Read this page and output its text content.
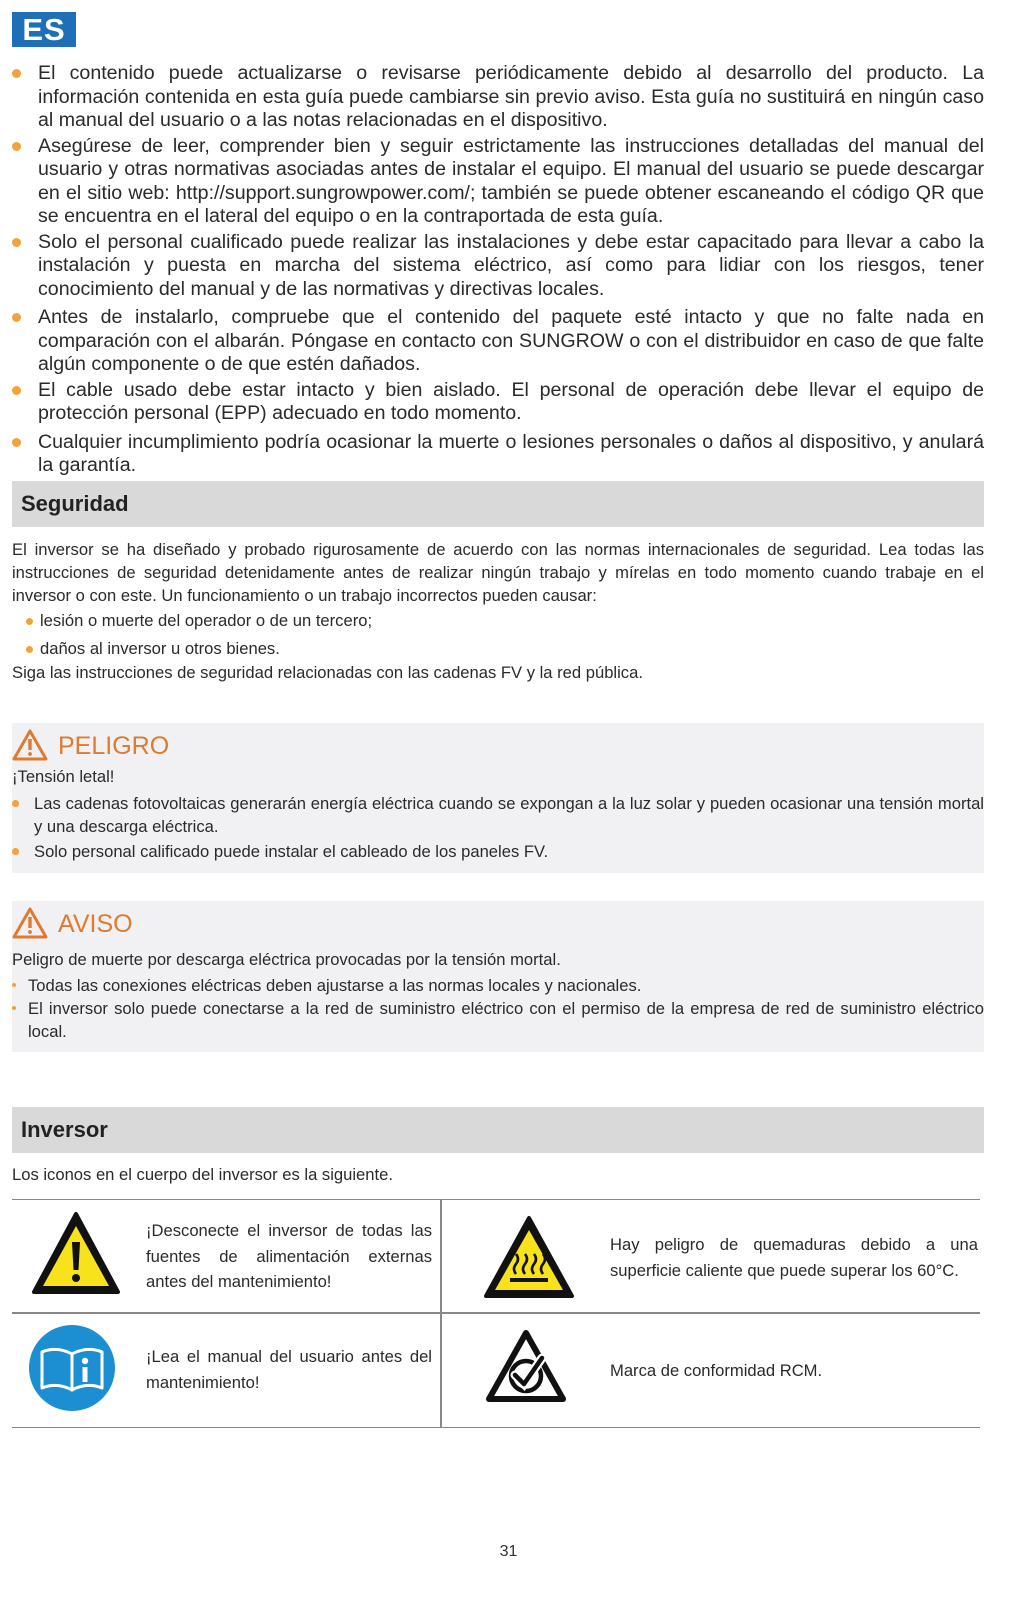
ES
El contenido puede actualizarse o revisarse periódicamente debido al desarrollo del producto. La información contenida en esta guía puede cambiarse sin previo aviso. Esta guía no sustituirá en ningún caso al manual del usuario o a las notas relacionadas en el dispositivo.
Asegúrese de leer, comprender bien y seguir estrictamente las instrucciones detalladas del manual del usuario y otras normativas asociadas antes de instalar el equipo. El manual del usuario se puede descargar en el sitio web: http://support.sungrowpower.com/; también se puede obtener escaneando el código QR que se encuentra en el lateral del equipo o en la contraportada de esta guía.
Solo el personal cualificado puede realizar las instalaciones y debe estar capacitado para llevar a cabo la instalación y puesta en marcha del sistema eléctrico, así como para lidiar con los riesgos, tener conocimiento del manual y de las normativas y directivas locales.
Antes de instalarlo, compruebe que el contenido del paquete esté intacto y que no falte nada en comparación con el albarán. Póngase en contacto con SUNGROW o con el distribuidor en caso de que falte algún componente o de que estén dañados.
El cable usado debe estar intacto y bien aislado. El personal de operación debe llevar el equipo de protección personal (EPP) adecuado en todo momento.
Cualquier incumplimiento podría ocasionar la muerte o lesiones personales o daños al dispositivo, y anulará la garantía.
Seguridad
El inversor se ha diseñado y probado rigurosamente de acuerdo con las normas internacionales de seguridad. Lea todas las instrucciones de seguridad detenidamente antes de realizar ningún trabajo y mírelas en todo momento cuando trabaje en el inversor o con este. Un funcionamiento o un trabajo incorrectos pueden causar:
lesión o muerte del operador o de un tercero;
daños al inversor u otros bienes.
Siga las instrucciones de seguridad relacionadas con las cadenas FV y la red pública.
PELIGRO
¡Tensión letal!
Las cadenas fotovoltaicas generarán energía eléctrica cuando se expongan a la luz solar y pueden ocasionar una tensión mortal y una descarga eléctrica.
Solo personal calificado puede instalar el cableado de los paneles FV.
AVISO
Peligro de muerte por descarga eléctrica provocadas por la tensión mortal.
Todas las conexiones eléctricas deben ajustarse a las normas locales y nacionales.
El inversor solo puede conectarse a la red de suministro eléctrico con el permiso de la empresa de red de suministro eléctrico local.
Inversor
Los iconos en el cuerpo del inversor es la siguiente.
¡Desconecte el inversor de todas las fuentes de alimentación externas antes del mantenimiento!
Hay peligro de quemaduras debido a una superficie caliente que puede superar los 60°C.
¡Lea el manual del usuario antes del mantenimiento!
Marca de conformidad RCM.
31
